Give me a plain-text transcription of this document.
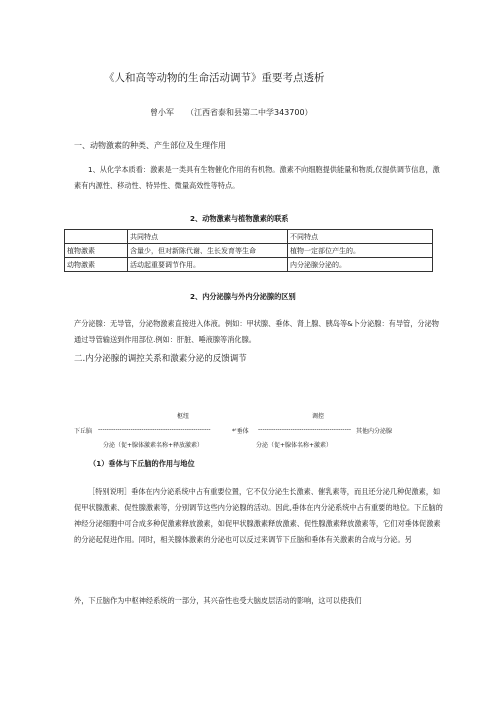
《人和高等动物的生命活动调节》重要考点透析
曾小军　　（江西省泰和县第二中学343700）
一、动物激素的种类、产生部位及生理作用
1、从化学本质看：激素是一类具有生物催化作用的有机物。激素不向细胞提供能量和物质,仅提供调节信息，激素有内源性、移动性、特异性、微量高效性等特点。
2、动物激素与植物激素的联系
	共同特点	不同特点
植物激素	含量少，但对新陈代谢、生长发育等生命	植物一定部位产生的。
动物激素	活动起重要调节作用。	内分泌腺分泌的。
2、内分泌腺与外内分泌腺的区别
产分泌腺：无导管，分泌物激素直接进入体液。例如：甲状腺、垂体、肾上腺、胰岛等&卜分泌腺：有导管，分泌物通过导管输送到作用部位.例如：肝脏、唾液腺等消化腺。
二.内分泌腺的调控关系和激素分泌的反馈调节
枢纽	调控
下丘脑 ----------------------------------------------------	*'垂体 ------------------------------------------- 其他内分泌腺
分泌（促+腺体激素名称+释放激素）	分泌（促+腺体名称+激素）
（1）垂体与下丘脑的作用与地位
［特别说明］垂体在内分泌系统中占有重要位置，它不仅分泌生长激素、催乳素等，而且还分泌几种促激素，如促甲状腺激素、促性腺激素等，分别调节这些内分泌腺的活动。因此,垂体在内分泌系统中占有重要的地位。下丘脑的神经分泌细胞中可合成多种促激素释放激素，如促甲状腺激素释放激素、促性腺激素释放激素等，它们对垂体促激素的分泌起促进作用。同时，相关腺体激素的分泌也可以反过来调节下丘脑和垂体有关激素的合成与分泌。另
外，下丘脑作为中枢神经系统的一部分，其兴奋性也受大脑皮层活动的影响，这可以使我们
